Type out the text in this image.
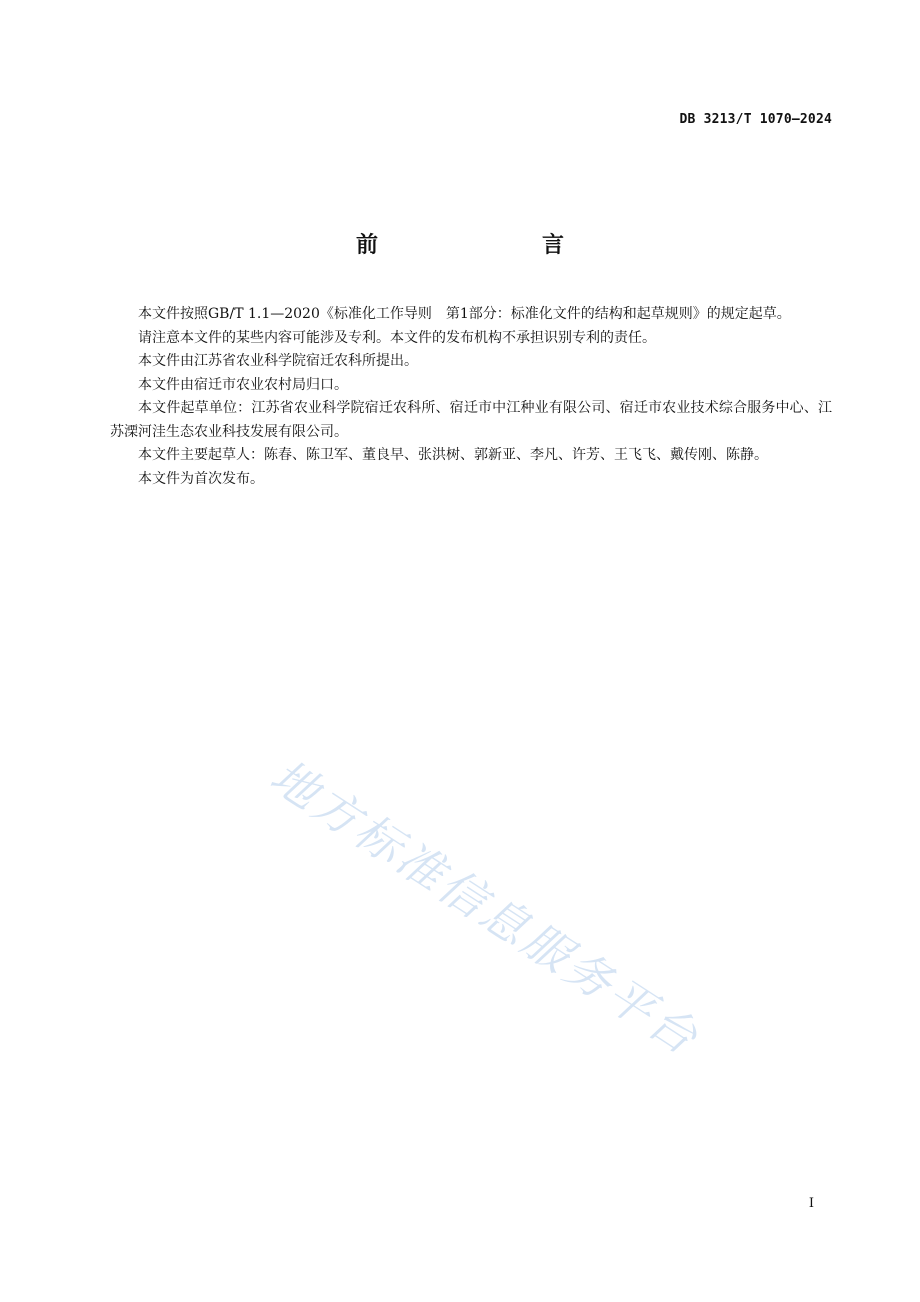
DB 3213/T 1070—2024
前　　言

本文件按照GB/T 1.1—2020《标准化工作导则　第1部分：标准化文件的结构和起草规则》的规定起草。

请注意本文件的某些内容可能涉及专利。本文件的发布机构不承担识别专利的责任。

本文件由江苏省农业科学院宿迁农科所提出。

本文件由宿迁市农业农村局归口。

本文件起草单位：江苏省农业科学院宿迁农科所、宿迁市中江种业有限公司、宿迁市农业技术综合服务中心、江苏溧河洼生态农业科技发展有限公司。

本文件主要起草人：陈春、陈卫军、董良早、张洪树、郭新亚、李凡、许芳、王飞飞、戴传刚、陈静。

本文件为首次发布。

地方标准信息服务平台
I
